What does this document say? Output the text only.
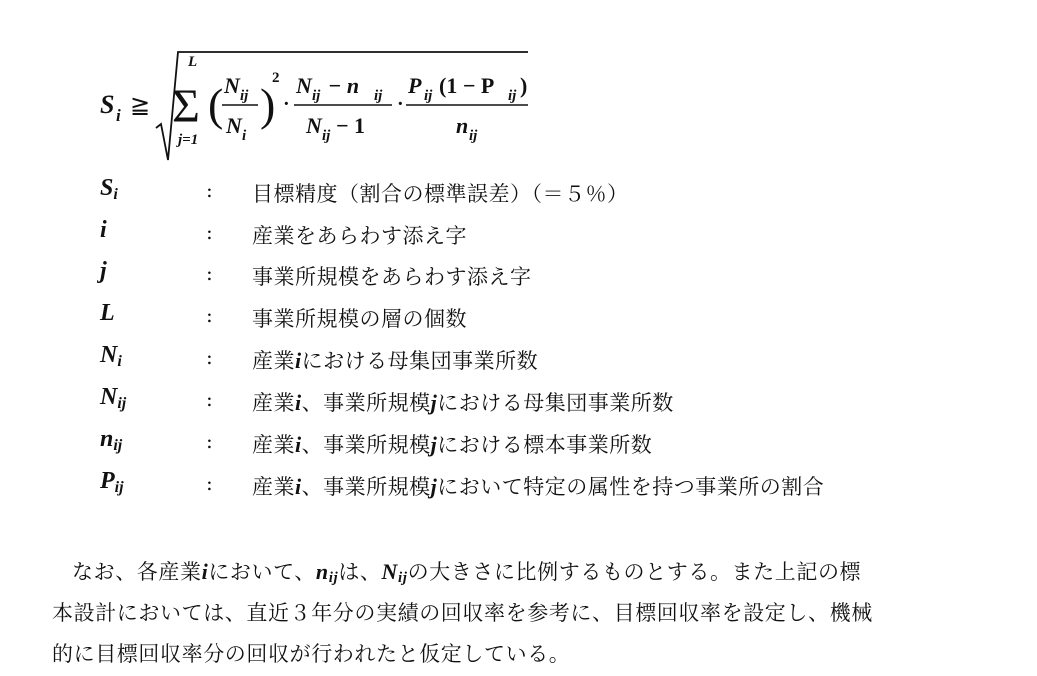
S i ≧
L
Σ
j=1
( )
2
N ij
N i
·
N ij − n ij
N ij − 1
·
P ij (1 − P ij )
n ij
$S_i$	: 目標精度（割合の標準誤差）（＝５％）
i	: 産業をあらわす添え字
j	: 事業所規模をあらわす添え字
L	: 事業所規模の層の個数
$N_i$	: 産業iにおける母集団事業所数
$N_{ij}$	: 産業i、事業所規模jにおける母集団事業所数
$n_{ij}$	: 産業i、事業所規模jにおける標本事業所数
$P_{ij}$	: 産業i、事業所規模jにおいて特定の属性を持つ事業所の割合
なお、各産業iにおいて、$n_{ij}$は、$N_{ij}$の大きさに比例するものとする。また上記の標
本設計においては、直近３年分の実績の回収率を参考に、目標回収率を設定し、機械
的に目標回収率分の回収が行われたと仮定している。
